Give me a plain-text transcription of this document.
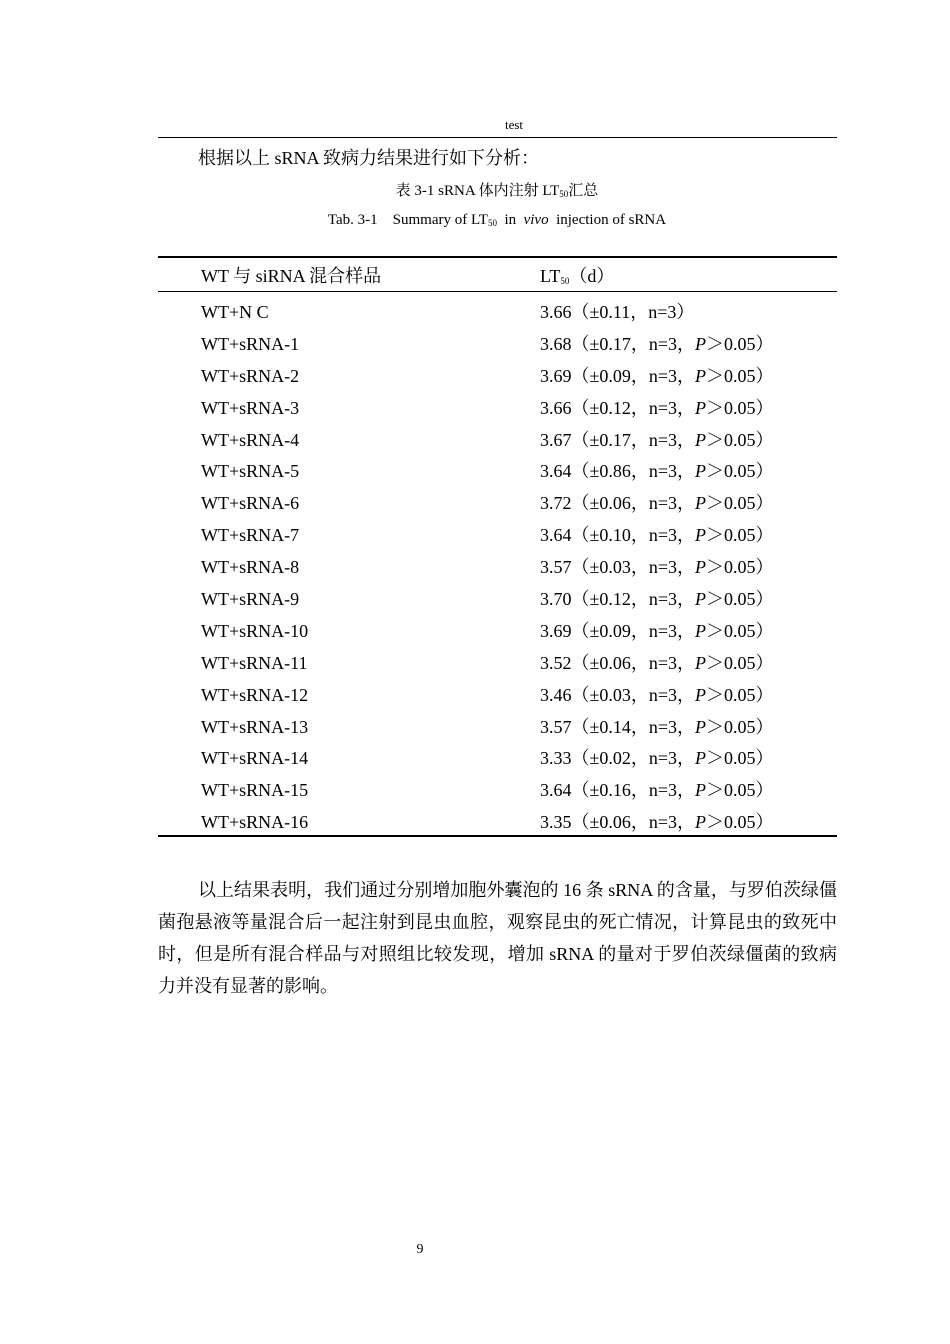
test
根据以上 sRNA 致病力结果进行如下分析：
表 3-1 sRNA 体内注射 $LT_{50}$汇总
Tab. 3-1    Summary of $LT_{50}$  in  vivo  injection of sRNA
WT 与 siRNA 混合样品	$LT_{50}(d)$
WT+N C	3.66（±0.11，n=3）
WT+sRNA-1	3.68（±0.17，n=3，P＞0.05）
WT+sRNA-2	3.69（±0.09，n=3，P＞0.05）
WT+sRNA-3	3.66（±0.12，n=3，P＞0.05）
WT+sRNA-4	3.67（±0.17，n=3，P＞0.05）
WT+sRNA-5	3.64（±0.86，n=3，P＞0.05）
WT+sRNA-6	3.72（±0.06，n=3，P＞0.05）
WT+sRNA-7	3.64（±0.10，n=3，P＞0.05）
WT+sRNA-8	3.57（±0.03，n=3，P＞0.05）
WT+sRNA-9	3.70（±0.12，n=3，P＞0.05）
WT+sRNA-10	3.69（±0.09，n=3，P＞0.05）
WT+sRNA-11	3.52（±0.06，n=3，P＞0.05）
WT+sRNA-12	3.46（±0.03，n=3，P＞0.05）
WT+sRNA-13	3.57（±0.14，n=3，P＞0.05）
WT+sRNA-14	3.33（±0.02，n=3，P＞0.05）
WT+sRNA-15	3.64（±0.16，n=3，P＞0.05）
WT+sRNA-16	3.35（±0.06，n=3，P＞0.05）
以上结果表明，我们通过分别增加胞外囊泡的 16 条 sRNA 的含量，与罗伯茨绿僵菌孢悬液等量混合后一起注射到昆虫血腔，观察昆虫的死亡情况，计算昆虫的致死中时，但是所有混合样品与对照组比较发现，增加 sRNA 的量对于罗伯茨绿僵菌的致病力并没有显著的影响。
9
